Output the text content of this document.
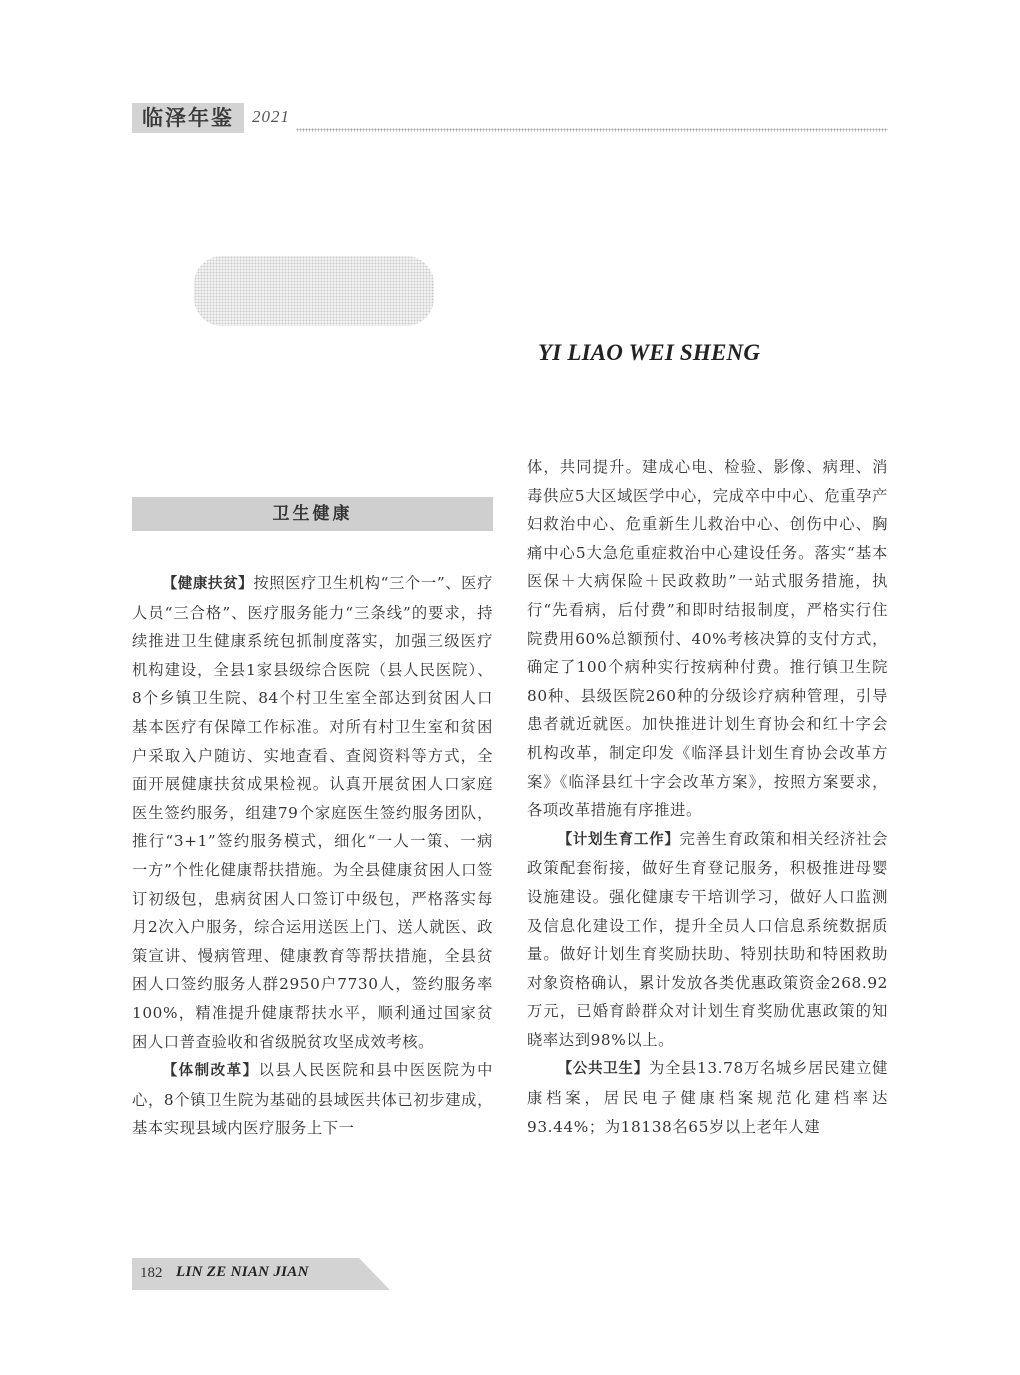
临泽年鉴	2021
YI LIAO WEI SHENG
卫生健康

【健康扶贫】按照医疗卫生机构“三个一”、医疗人员“三合格”、医疗服务能力“三条线”的要求，持续推进卫生健康系统包抓制度落实，加强三级医疗机构建设，全县1家县级综合医院（县人民医院）、8个乡镇卫生院、84个村卫生室全部达到贫困人口基本医疗有保障工作标准。对所有村卫生室和贫困户采取入户随访、实地查看、查阅资料等方式，全面开展健康扶贫成果检视。认真开展贫困人口家庭医生签约服务，组建79个家庭医生签约服务团队，推行“3+1”签约服务模式，细化“一人一策、一病一方”个性化健康帮扶措施。为全县健康贫困人口签订初级包，患病贫困人口签订中级包，严格落实每月2次入户服务，综合运用送医上门、送人就医、政策宣讲、慢病管理、健康教育等帮扶措施，全县贫困人口签约服务人群2950户7730人，签约服务率100%，精准提升健康帮扶水平，顺利通过国家贫困人口普查验收和省级脱贫攻坚成效考核。

【体制改革】以县人民医院和县中医医院为中心，8个镇卫生院为基础的县域医共体已初步建成，基本实现县域内医疗服务上下一

体，共同提升。建成心电、检验、影像、病理、消毒供应5大区域医学中心，完成卒中中心、危重孕产妇救治中心、危重新生儿救治中心、创伤中心、胸痛中心5大急危重症救治中心建设任务。落实“基本医保＋大病保险＋民政救助”一站式服务措施，执行“先看病，后付费”和即时结报制度，严格实行住院费用60%总额预付、40%考核决算的支付方式，确定了100个病种实行按病种付费。推行镇卫生院80种、县级医院260种的分级诊疗病种管理，引导患者就近就医。加快推进计划生育协会和红十字会机构改革，制定印发《临泽县计划生育协会改革方案》《临泽县红十字会改革方案》，按照方案要求，各项改革措施有序推进。

【计划生育工作】完善生育政策和相关经济社会政策配套衔接，做好生育登记服务，积极推进母婴设施建设。强化健康专干培训学习，做好人口监测及信息化建设工作，提升全员人口信息系统数据质量。做好计划生育奖励扶助、特别扶助和特困救助对象资格确认，累计发放各类优惠政策资金268.92万元，已婚育龄群众对计划生育奖励优惠政策的知晓率达到98%以上。

【公共卫生】为全县13.78万名城乡居民建立健康档案，居民电子健康档案规范化建档率达93.44%；为18138名65岁以上老年人建

182 LIN ZE NIAN JIAN
